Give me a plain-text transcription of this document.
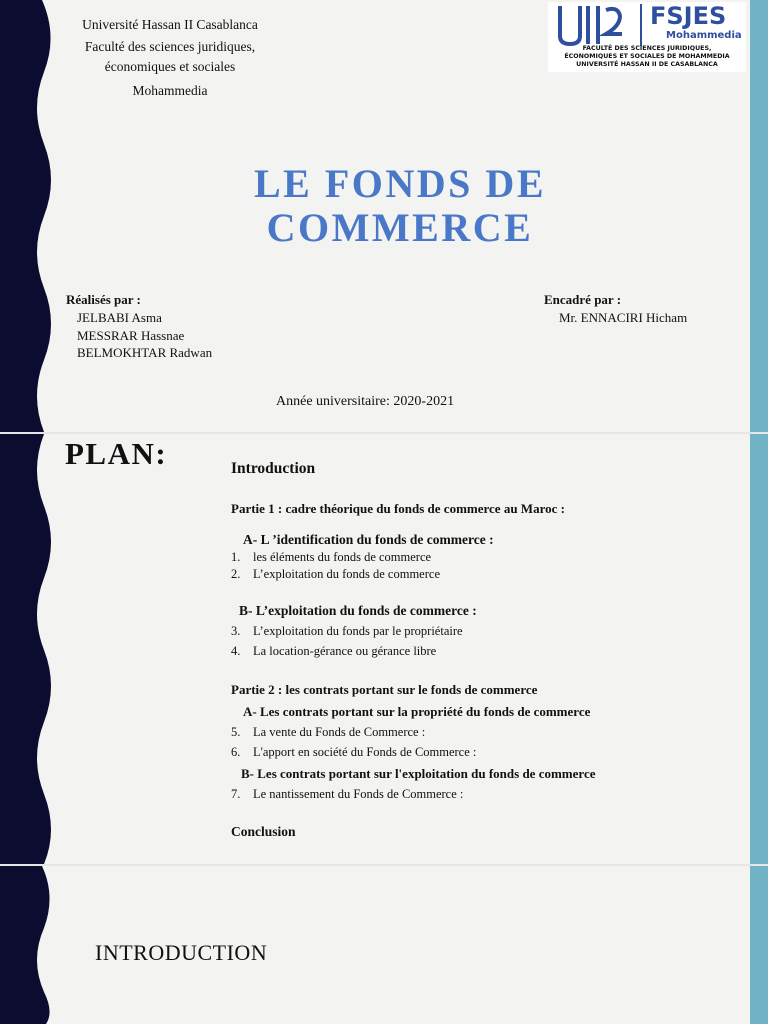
Université Hassan II Casablanca
Faculté des sciences juridiques,
économiques et sociales
Mohammedia
FSJES
Mohammedia
FACULTÉ DES SCIENCES JURIDIQUES,
ÉCONOMIQUES ET SOCIALES DE MOHAMMEDIA
UNIVERSITÉ HASSAN II DE CASABLANCA
LE FONDS DE
COMMERCE
Réalisés par :
JELBABI Asma
MESSRAR Hassnae
BELMOKHTAR Radwan
Encadré par :
Mr. ENNACIRI Hicham
Année universitaire: 2020-2021
PLAN:	Introduction
Partie 1 : cadre théorique du fonds de commerce au Maroc :
A- L ’identification du fonds de commerce :
1. les éléments du fonds de commerce
2. L’exploitation du fonds de commerce
B- L’exploitation du fonds de commerce :
3. L’exploitation du fonds par le propriétaire
4. La location-gérance ou gérance libre
Partie 2 : les contrats portant sur le fonds de commerce
A- Les contrats portant sur la propriété du fonds de commerce
5. La vente du Fonds de Commerce :
6. L'apport en société du Fonds de Commerce :
B- Les contrats portant sur l'exploitation du fonds de commerce
7. Le nantissement du Fonds de Commerce :
Conclusion
INTRODUCTION
